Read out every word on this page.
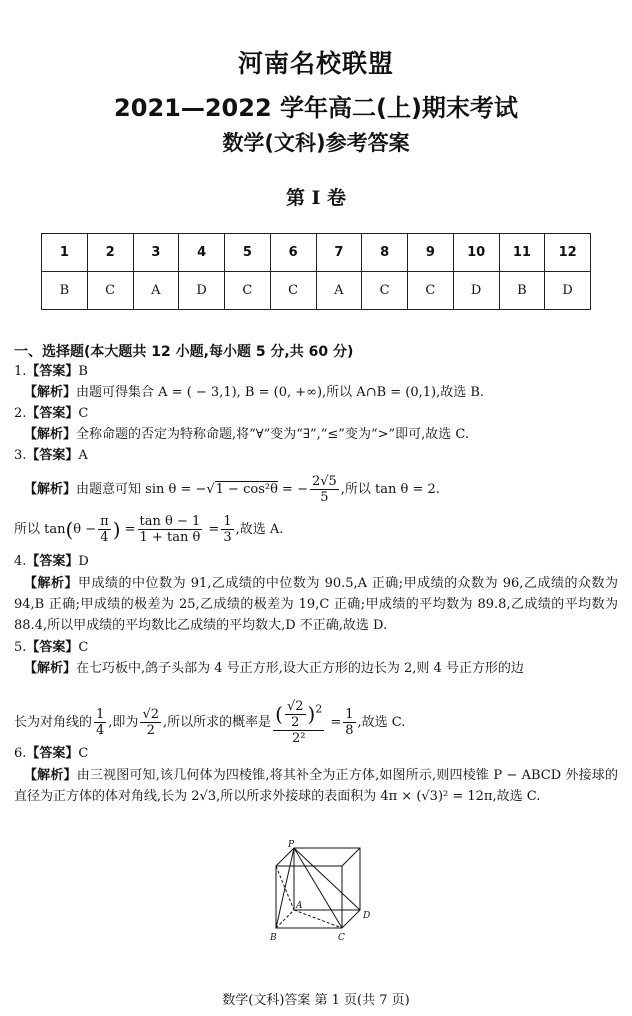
河南名校联盟
2021—2022 学年高二(上)期末考试
数学(文科)参考答案
第 I 卷
1	2	3	4	5	6	7	8	9	10	11	12
B	C	A	D	C	C	A	C	C	D	B	D
一、选择题(本大题共 12 小题,每小题 5 分,共 60 分)
1.【答案】B
【解析】由题可得集合 A = ( − 3,1), B = (0, +∞),所以 A∩B = (0,1),故选 B.
2.【答案】C
【解析】全称命题的否定为特称命题,将“∀”变为“∃”,“≤”变为“>”即可,故选 C.
3.【答案】A
【解析】由题意可知 sin θ = −√1 − cos²θ = − $\frac{2√5}{5}$ ,所以 tan θ = 2.
所以 $\tan(\theta - \frac{\pi}{4}$ ) = $\frac{\text{tan θ − 1}}{\text{1 + tan θ}} = \frac{1}{3}$ ,故选 A.
4.【答案】D
【解析】甲成绩的中位数为 91,乙成绩的中位数为 90.5,A 正确;甲成绩的众数为 96,乙成绩的众数为 94,B 正确;甲成绩的极差为 25,乙成绩的极差为 19,C 正确;甲成绩的平均数为 89.8,乙成绩的平均数为 88.4,所以甲成绩的平均数比乙成绩的平均数大,D 不正确,故选 D.
5.【答案】C
【解析】在七巧板中,鸽子头部为 4 号正方形,设大正方形的边长为 2,则 4 号正方形的边
长为对角线的 $\frac{1}{4}$ ,即为 $\frac{√2}{2}$ ,所以所求的概率是 $\frac{( \frac{√2}{2} )^2}{\text{2²}} = \frac{1}{8}$ ,故选 C.
6.【答案】C
【解析】由三视图可知,该几何体为四棱锥,将其补全为正方体,如图所示,则四棱锥 P − ABCD 外接球的直径为正方体的体对角线,长为 2√3,所以所求外接球的表面积为 4π × (√3)² = 12π,故选 C.
P
A
B	C
D
数学(文科)答案 第 1 页(共 7 页)
